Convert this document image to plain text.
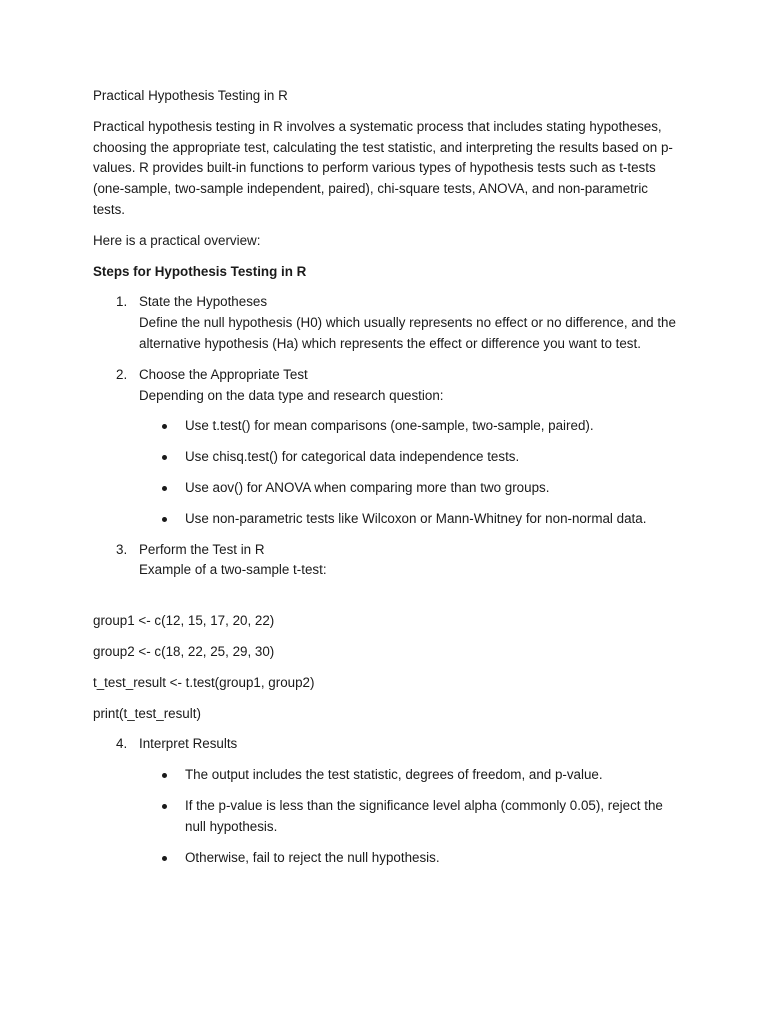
Practical Hypothesis Testing in R

Practical hypothesis testing in R involves a systematic process that includes stating hypotheses, choosing the appropriate test, calculating the test statistic, and interpreting the results based on p-values. R provides built-in functions to perform various types of hypothesis tests such as t-tests (one-sample, two-sample independent, paired), chi-square tests, ANOVA, and non-parametric tests.

Here is a practical overview:

Steps for Hypothesis Testing in R

1. State the Hypotheses

Define the null hypothesis (H0) which usually represents no effect or no difference, and the alternative hypothesis (Ha) which represents the effect or difference you want to test.

2. Choose the Appropriate Test

Depending on the data type and research question:

Use t.test() for mean comparisons (one-sample, two-sample, paired).
Use chisq.test() for categorical data independence tests.
Use aov() for ANOVA when comparing more than two groups.
Use non-parametric tests like Wilcoxon or Mann-Whitney for non-normal data.
3. Perform the Test in R

Example of a two-sample t-test:

group1 <- c(12, 15, 17, 20, 22)

group2 <- c(18, 22, 25, 29, 30)

t_test_result <- t.test(group1, group2)

print(t_test_result)

4. Interpret Results

The output includes the test statistic, degrees of freedom, and p-value.
If the p-value is less than the significance level alpha (commonly 0.05), reject the null hypothesis.
Otherwise, fail to reject the null hypothesis.
